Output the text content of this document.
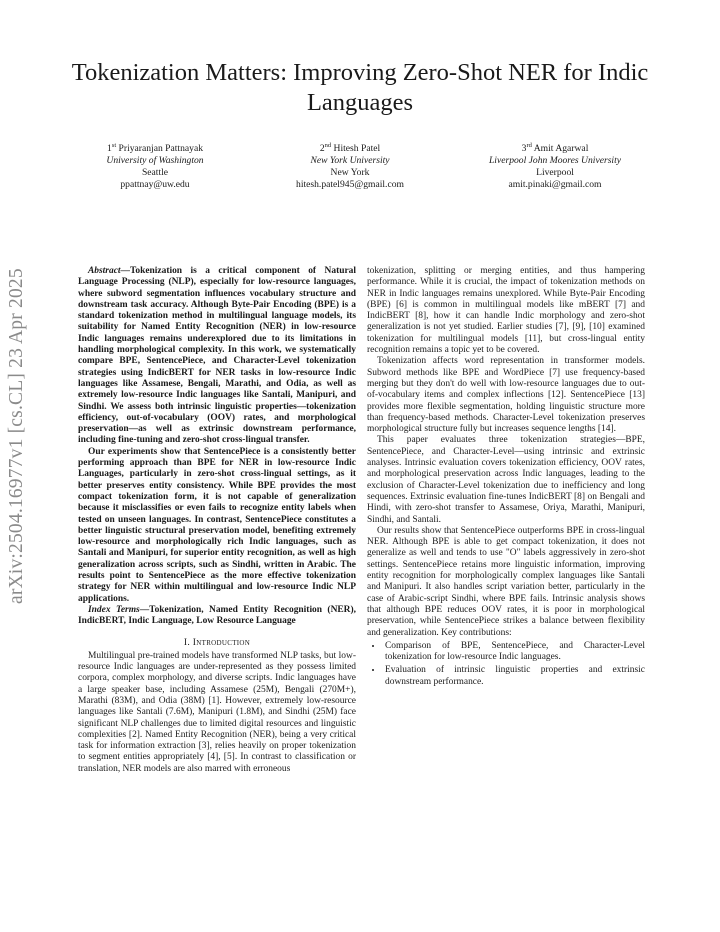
Tokenization Matters: Improving Zero-Shot NER for Indic Languages
1st Priyaranjan Pattnayak
University of Washington
Seattle
ppattnay@uw.edu
2nd Hitesh Patel
New York University
New York
hitesh.patel945@gmail.com
3rd Amit Agarwal
Liverpool John Moores University
Liverpool
amit.pinaki@gmail.com
arXiv:2504.16977v1 [cs.CL] 23 Apr 2025	Abstract—Tokenization is a critical component of Natural Language Processing (NLP), especially for low-resource languages, where subword segmentation influences vocabulary structure and downstream task accuracy. Although Byte-Pair Encoding (BPE) is a standard tokenization method in multilingual language models, its suitability for Named Entity Recognition (NER) in low-resource Indic languages remains underexplored due to its limitations in handling morphological complexity. In this work, we systematically compare BPE, SentencePiece, and Character-Level tokenization strategies using IndicBERT for NER tasks in low-resource Indic languages like Assamese, Bengali, Marathi, and Odia, as well as extremely low-resource Indic languages like Santali, Manipuri, and Sindhi. We assess both intrinsic linguistic properties—tokenization efficiency, out-of-vocabulary (OOV) rates, and morphological preservation—as well as extrinsic downstream performance, including fine-tuning and zero-shot cross-lingual transfer.

Our experiments show that SentencePiece is a consistently better performing approach than BPE for NER in low-resource Indic Languages, particularly in zero-shot cross-lingual settings, as it better preserves entity consistency. While BPE provides the most compact tokenization form, it is not capable of generalization because it misclassifies or even fails to recognize entity labels when tested on unseen languages. In contrast, SentencePiece constitutes a better linguistic structural preservation model, benefiting extremely low-resource and morphologically rich Indic languages, such as Santali and Manipuri, for superior entity recognition, as well as high generalization across scripts, such as Sindhi, written in Arabic. The results point to SentencePiece as the more effective tokenization strategy for NER within multilingual and low-resource Indic NLP applications.

Index Terms—Tokenization, Named Entity Recognition (NER), IndicBERT, Indic Language, Low Resource Language

I. Introduction

Multilingual pre-trained models have transformed NLP tasks, but low-resource Indic languages are under-represented as they possess limited corpora, complex morphology, and diverse scripts. Indic languages have a large speaker base, including Assamese (25M), Bengali (270M+), Marathi (83M), and Odia (38M) [1]. However, extremely low-resource languages like Santali (7.6M), Manipuri (1.8M), and Sindhi (25M) face significant NLP challenges due to limited digital resources and linguistic complexities [2]. Named Entity Recognition (NER), being a very critical task for information extraction [3], relies heavily on proper tokenization to segment entities appropriately [4], [5]. In contrast to classification or translation, NER models are also marred with erroneous

tokenization, splitting or merging entities, and thus hampering performance. While it is crucial, the impact of tokenization methods on NER in Indic languages remains unexplored. While Byte-Pair Encoding (BPE) [6] is common in multilingual models like mBERT [7] and IndicBERT [8], how it can handle Indic morphology and zero-shot generalization is not yet studied. Earlier studies [7], [9], [10] examined tokenization for multilingual models [11], but cross-lingual entity recognition remains a topic yet to be covered.

Tokenization affects word representation in transformer models. Subword methods like BPE and WordPiece [7] use frequency-based merging but they don't do well with low-resource languages due to out-of-vocabulary items and complex inflections [12]. SentencePiece [13] provides more flexible segmentation, holding linguistic structure more than frequency-based methods. Character-Level tokenization preserves morphological structure fully but increases sequence lengths [14].

This paper evaluates three tokenization strategies—BPE, SentencePiece, and Character-Level—using intrinsic and extrinsic analyses. Intrinsic evaluation covers tokenization efficiency, OOV rates, and morphological preservation across Indic languages, leading to the exclusion of Character-Level tokenization due to inefficiency and long sequences. Extrinsic evaluation fine-tunes IndicBERT [8] on Bengali and Hindi, with zero-shot transfer to Assamese, Oriya, Marathi, Manipuri, Sindhi, and Santali.

Our results show that SentencePiece outperforms BPE in cross-lingual NER. Although BPE is able to get compact tokenization, it does not generalize as well and tends to use "O" labels aggressively in zero-shot settings. SentencePiece retains more linguistic information, improving entity recognition for morphologically complex languages like Santali and Manipuri. It also handles script variation better, particularly in the case of Arabic-script Sindhi, where BPE fails. Intrinsic analysis shows that although BPE reduces OOV rates, it is poor in morphological preservation, while SentencePiece strikes a balance between flexibility and generalization. Key contributions:

• Comparison of BPE, SentencePiece, and Character-Level tokenization for low-resource Indic languages.
• Evaluation of intrinsic linguistic properties and extrinsic downstream performance.
